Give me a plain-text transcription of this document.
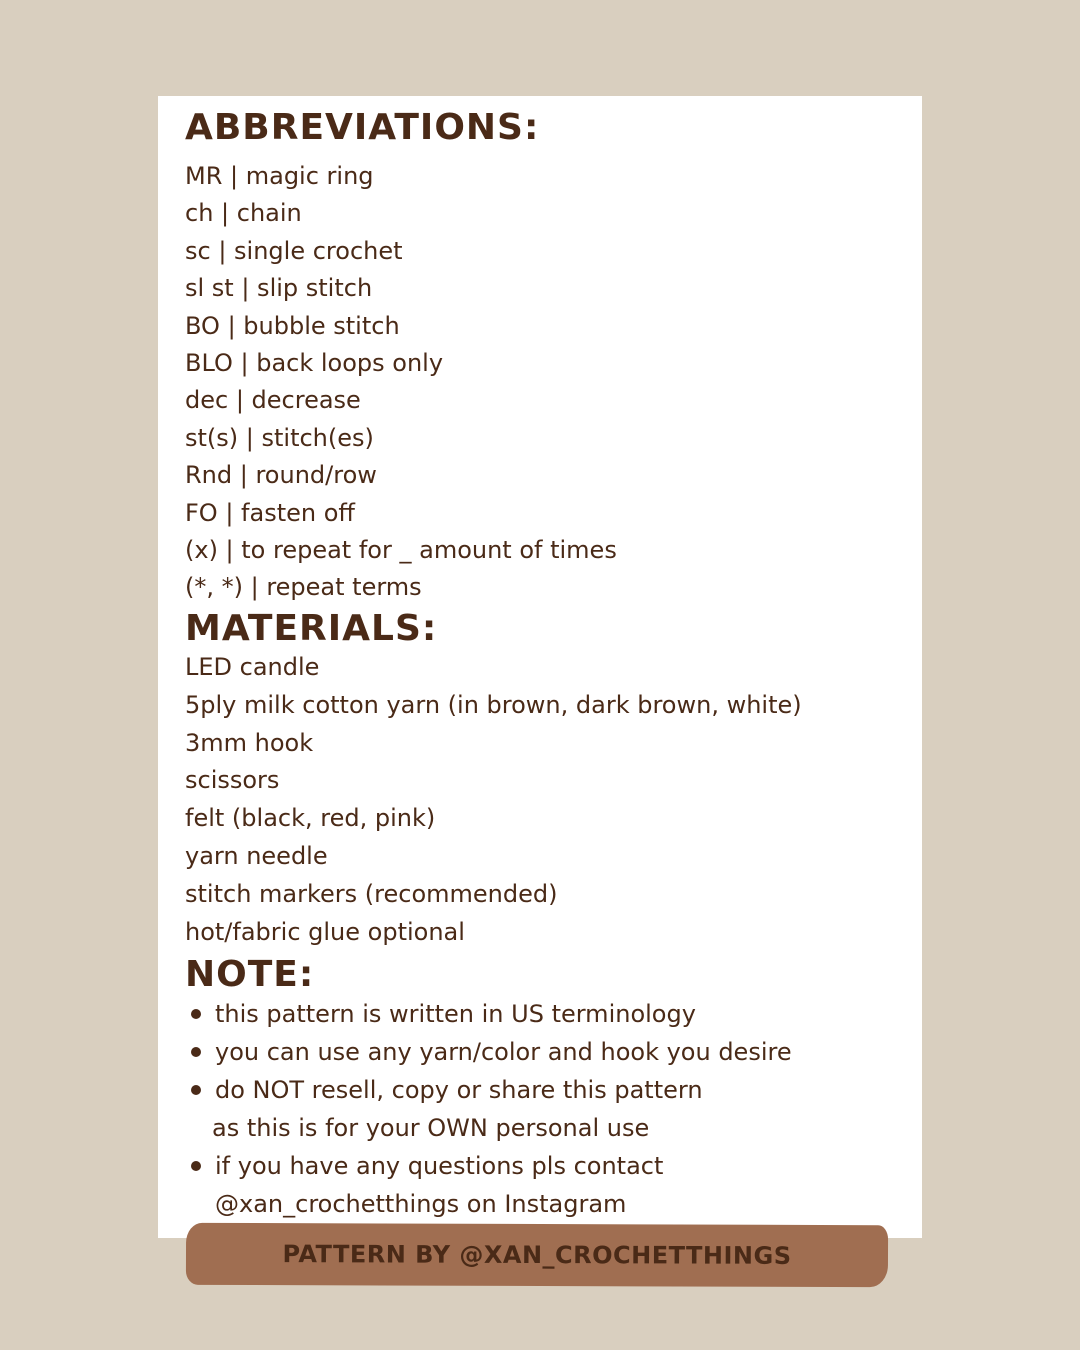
ABBREVIATIONS:
MR | magic ring
ch | chain
sc | single crochet
sl st | slip stitch
BO | bubble stitch
BLO | back loops only
dec | decrease
st(s) | stitch(es)
Rnd | round/row
FO | fasten off
(x) | to repeat for _ amount of times
(*, *) | repeat terms
MATERIALS:
LED candle
5ply milk cotton yarn (in brown, dark brown, white)
3mm hook
scissors
felt (black, red, pink)
yarn needle
stitch markers (recommended)
hot/fabric glue optional
NOTE:
this pattern is written in US terminology
you can use any yarn/color and hook you desire
do NOT resell, copy or share this pattern
as this is for your OWN personal use
if you have any questions pls contact
@xan_crochetthings on Instagram
PATTERN BY @XAN_CROCHETTHINGS
